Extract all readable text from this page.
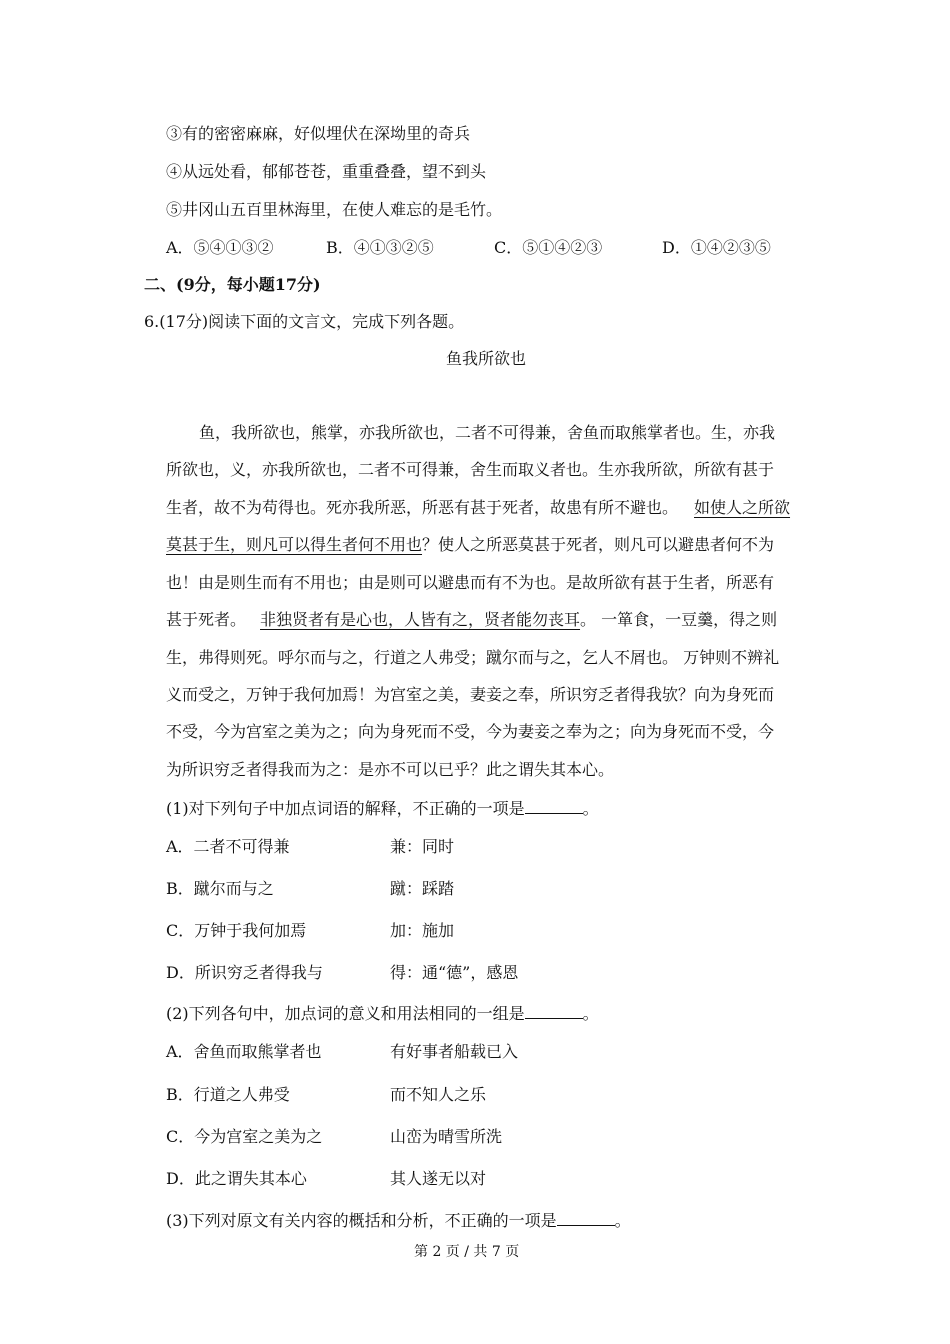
③有的密密麻麻，好似埋伏在深坳里的奇兵
④从远处看，郁郁苍苍，重重叠叠，望不到头
⑤井冈山五百里林海里，在使人难忘的是毛竹。
A．⑤④①③②	B．④①③②⑤	C．⑤①④②③	D．①④②③⑤
二、(9分，每小题17分)
6.(17分)阅读下面的文言文，完成下列各题。
鱼我所欲也
鱼，我所欲也，熊掌，亦我所欲也，二者不可得兼，舍鱼而取熊掌者也。生，亦我
所欲也，义，亦我所欲也，二者不可得兼，舍生而取义者也。生亦我所欲，所欲有甚于
生者，故不为苟得也。死亦我所恶，所恶有甚于死者，故患有所不避也。 如使人之所欲
莫甚于生，则凡可以得生者何不用也？使人之所恶莫甚于死者，则凡可以避患者何不为
也！由是则生而有不用也；由是则可以避患而有不为也。是故所欲有甚于生者，所恶有
甚于死者。 非独贤者有是心也，人皆有之，贤者能勿丧耳。 一箪食，一豆羹，得之则
生，弗得则死。呼尔而与之，行道之人弗受；蹴尔而与之，乞人不屑也。 万钟则不辨礼
义而受之，万钟于我何加焉！为宫室之美，妻妾之奉，所识穷乏者得我欤？向为身死而
不受，今为宫室之美为之；向为身死而不受，今为妻妾之奉为之；向为身死而不受，今
为所识穷乏者得我而为之：是亦不可以已乎？此之谓失其本心。
(1)对下列句子中加点词语的解释，不正确的一项是	。
A．二者不可得兼	兼：同时
B．蹴尔而与之	蹴：踩踏
C．万钟于我何加焉	加：施加
D．所识穷乏者得我与	得：通“德”，感恩
(2)下列各句中，加点词的意义和用法相同的一组是	。
A．舍鱼而取熊掌者也	有好事者船载已入
B．行道之人弗受	而不知人之乐
C．今为宫室之美为之	山峦为晴雪所洗
D．此之谓失其本心	其人遂无以对
(3)下列对原文有关内容的概括和分析，不正确的一项是	。
第 2 页 / 共 7 页
